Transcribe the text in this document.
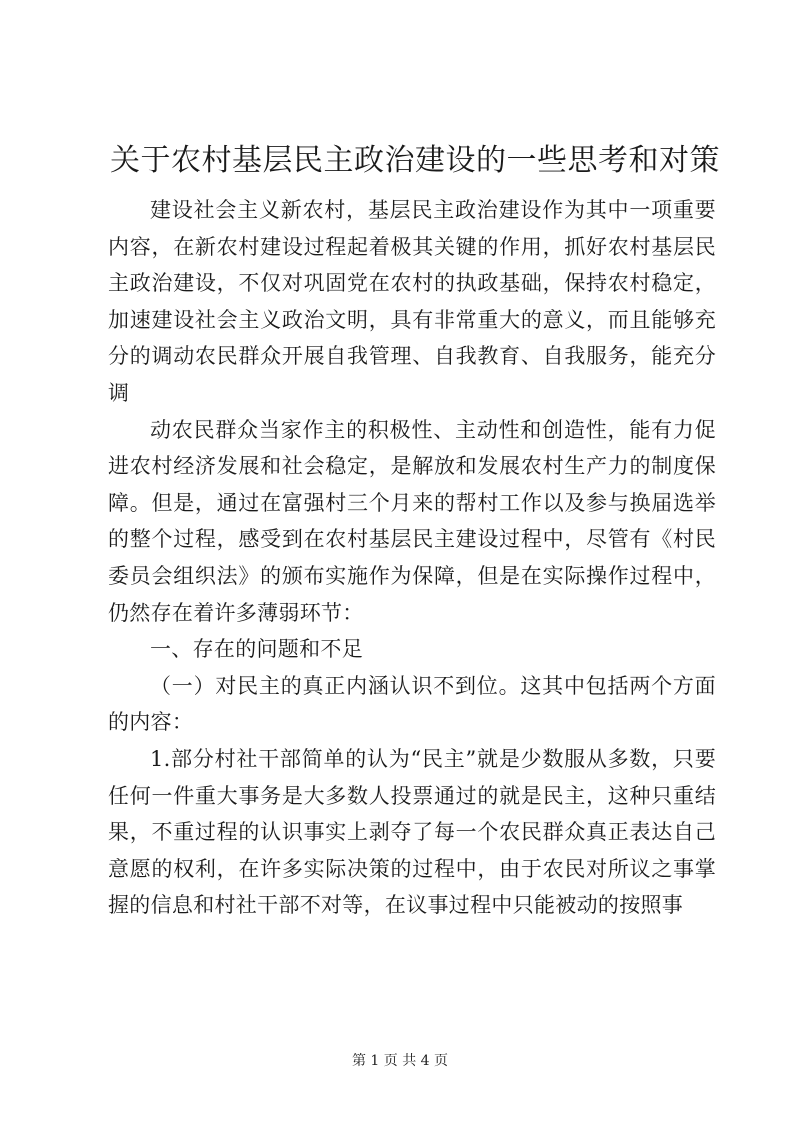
关于农村基层民主政治建设的一些思考和对策

建设社会主义新农村，基层民主政治建设作为其中一项重要内容，在新农村建设过程起着极其关键的作用，抓好农村基层民主政治建设，不仅对巩固党在农村的执政基础，保持农村稳定，加速建设社会主义政治文明，具有非常重大的意义，而且能够充分的调动农民群众开展自我管理、自我教育、自我服务，能充分调

动农民群众当家作主的积极性、主动性和创造性，能有力促进农村经济发展和社会稳定，是解放和发展农村生产力的制度保障。但是，通过在富强村三个月来的帮村工作以及参与换届选举的整个过程，感受到在农村基层民主建设过程中，尽管有《村民委员会组织法》的颁布实施作为保障，但是在实际操作过程中，仍然存在着许多薄弱环节：

一、存在的问题和不足

（一）对民主的真正内涵认识不到位。这其中包括两个方面的内容：

1.部分村社干部简单的认为“民主”就是少数服从多数，只要任何一件重大事务是大多数人投票通过的就是民主，这种只重结果，不重过程的认识事实上剥夺了每一个农民群众真正表达自己意愿的权利，在许多实际决策的过程中，由于农民对所议之事掌握的信息和村社干部不对等，在议事过程中只能被动的按照事

第 1 页 共 4 页
